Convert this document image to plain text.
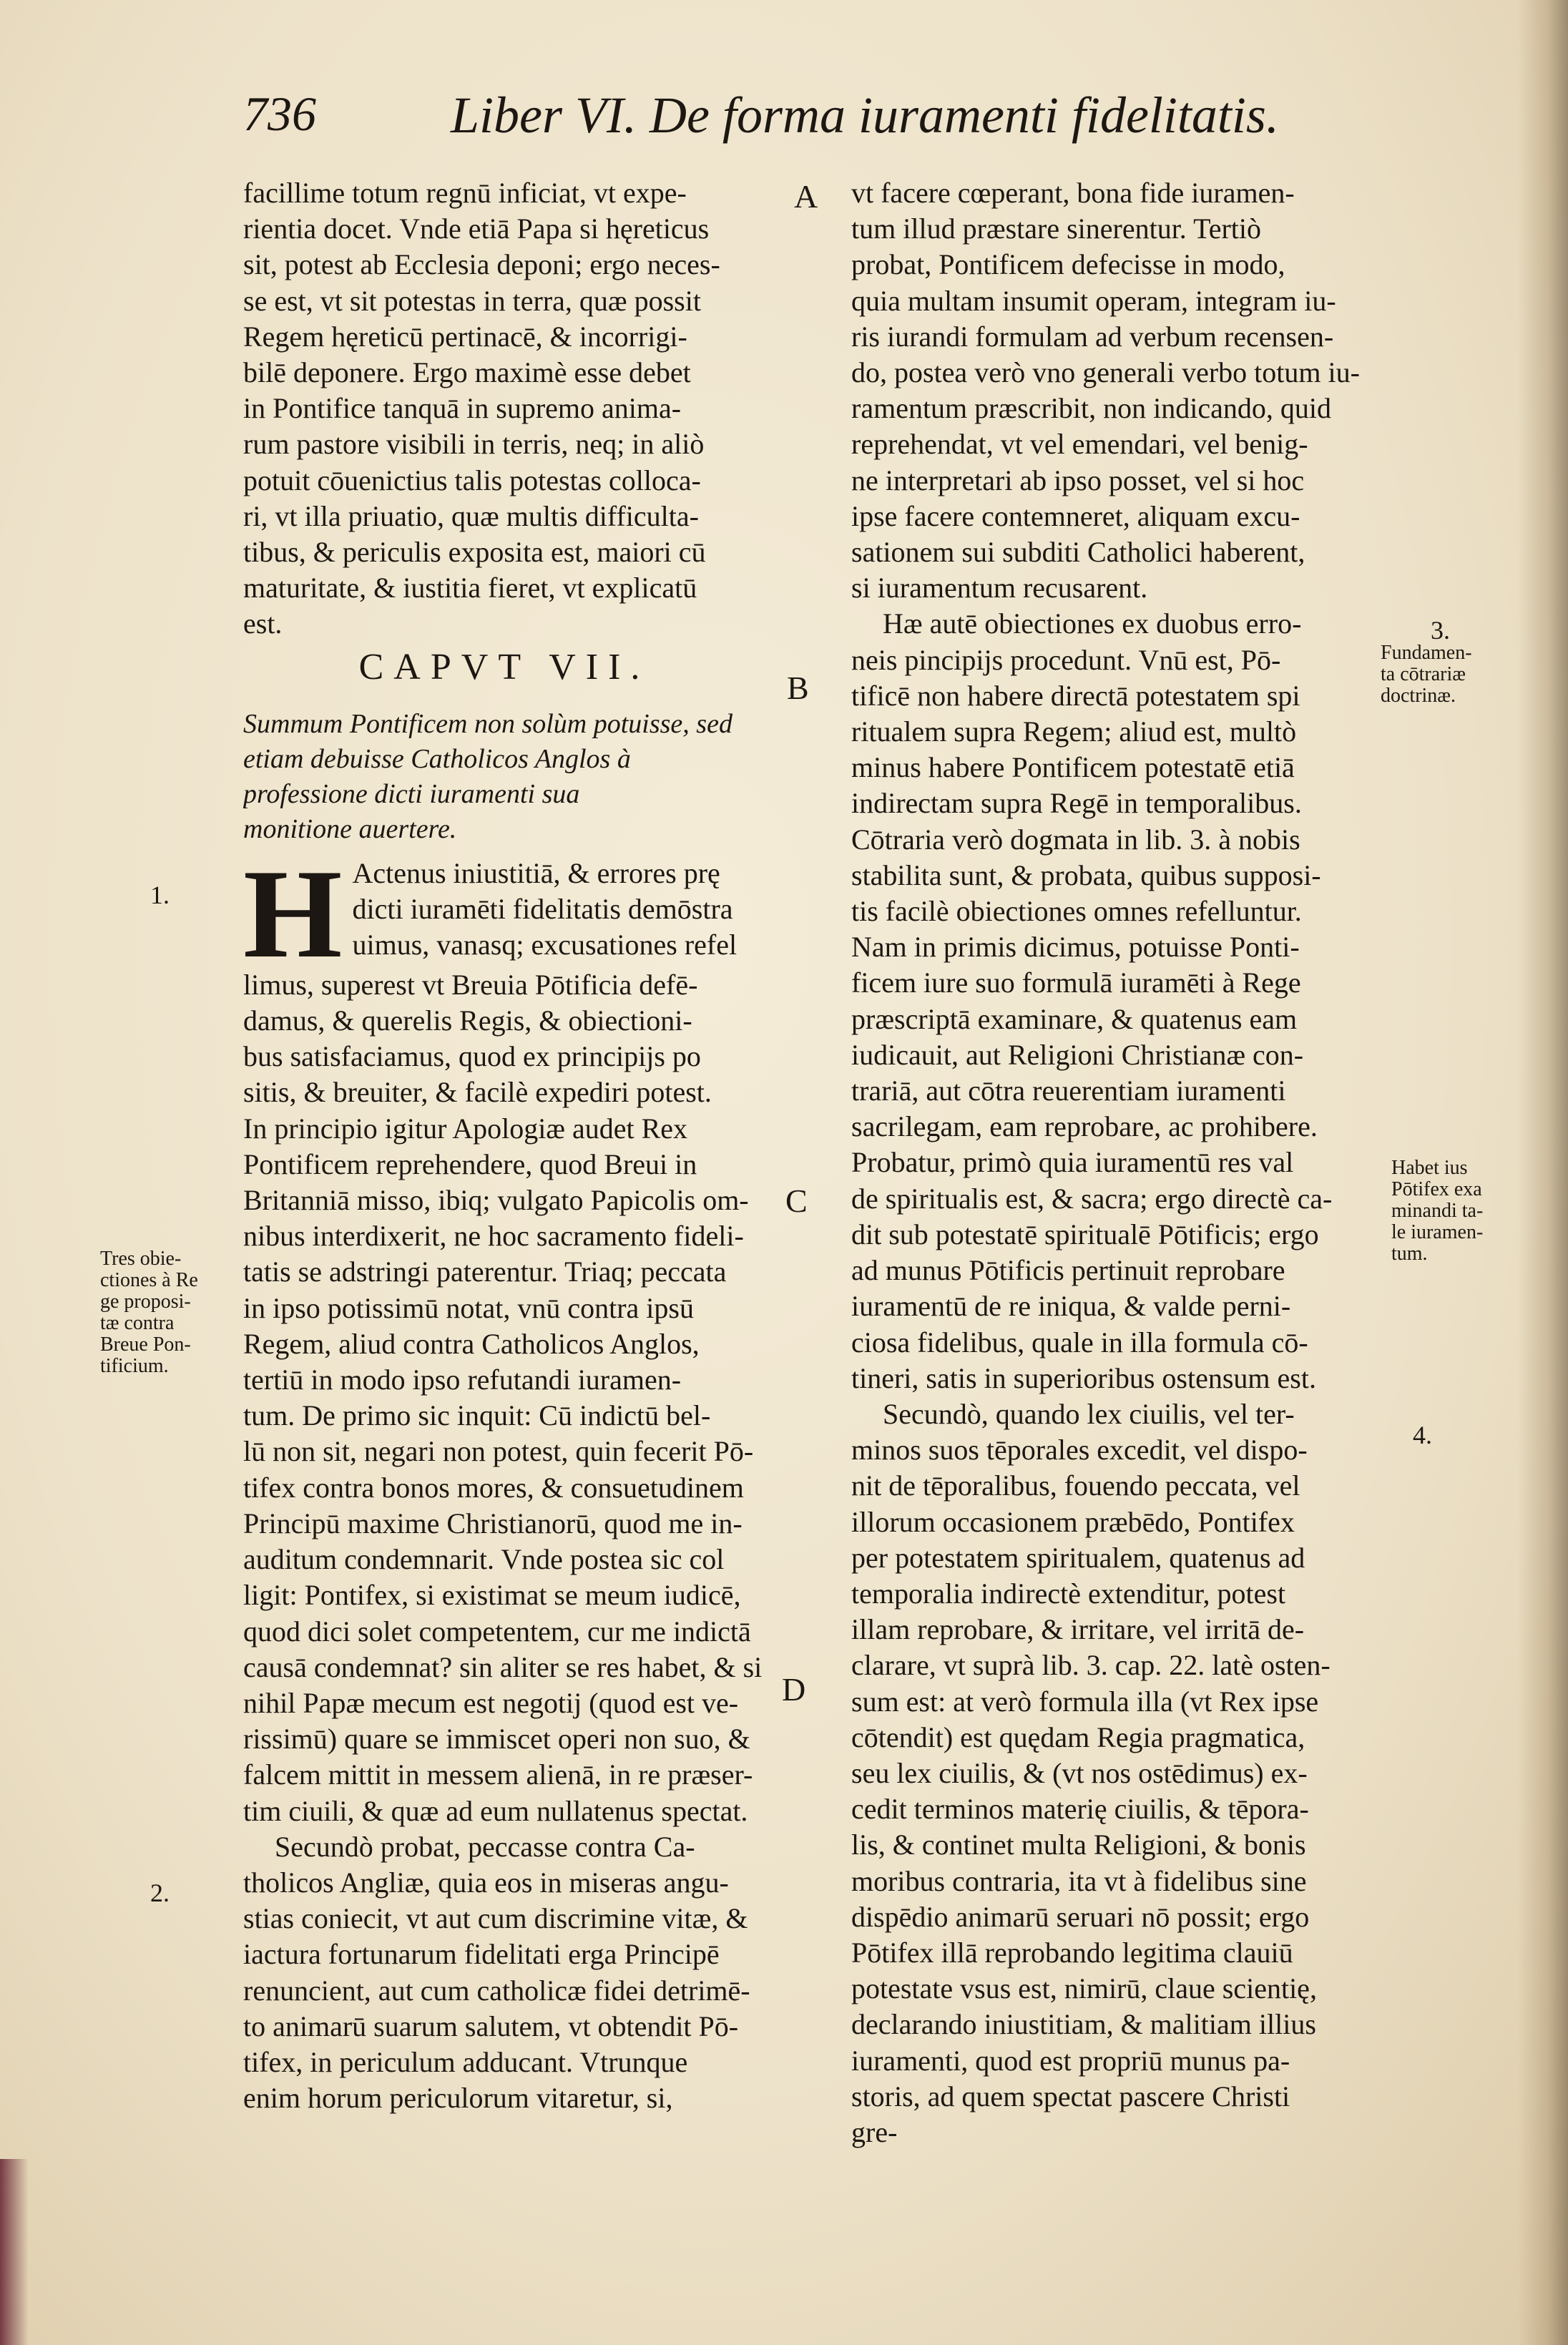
736	Liber VI. De forma iuramenti fidelitatis.
facillime totum regnū inficiat, vt expe-
rientia docet. Vnde etiā Papa si hęreticus
sit, potest ab Ecclesia deponi; ergo neces-
se est, vt sit potestas in terra, quæ possit
Regem hęreticū pertinacē, & incorrigi-
bilē deponere. Ergo maximè esse debet
in Pontifice tanquā in supremo anima-
rum pastore visibili in terris, neq; in aliò
potuit cōuenictius talis potestas colloca-
ri, vt illa priuatio, quæ multis difficulta-
tibus, & periculis exposita est, maiori cū
maturitate, & iustitia fieret, vt explicatū
est.
CAPVT VII.
Summum Pontificem non solùm potuisse, sed
etiam debuisse Catholicos Anglos à
professione dicti iuramenti sua
monitione auertere.
H Actenus iniustitiā, & errores prę
dicti iuramēti fidelitatis demōstra
uimus, vanasq; excusationes refel
limus, superest vt Breuia Pōtificia defē-
damus, & querelis Regis, & obiectioni-
bus satisfaciamus, quod ex principijs po
sitis, & breuiter, & facilè expediri potest.
In principio igitur Apologiæ audet Rex
Pontificem reprehendere, quod Breui in
Britanniā misso, ibiq; vulgato Papicolis om-
nibus interdixerit, ne hoc sacramento fideli-
tatis se adstringi paterentur. Triaq; peccata
in ipso potissimū notat, vnū contra ipsū
Regem, aliud contra Catholicos Anglos,
tertiū in modo ipso refutandi iuramen-
tum. De primo sic inquit: Cū indictū bel-
lū non sit, negari non potest, quin fecerit Pō-
tifex contra bonos mores, & consuetudinem
Principū maxime Christianorū, quod me in-
auditum condemnarit. Vnde postea sic col
ligit: Pontifex, si existimat se meum iudicē,
quod dici solet competentem, cur me indictā
causā condemnat? sin aliter se res habet, & si
nihil Papæ mecum est negotij (quod est ve-
rissimū) quare se immiscet operi non suo, &
falcem mittit in messem alienā, in re præser-
tim ciuili, & quæ ad eum nullatenus spectat.
Secundò probat, peccasse contra Ca-
tholicos Angliæ, quia eos in miseras angu-
stias coniecit, vt aut cum discrimine vitæ, &
iactura fortunarum fidelitati erga Principē
renuncient, aut cum catholicæ fidei detrimē-
to animarū suarum salutem, vt obtendit Pō-
tifex, in periculum adducant. Vtrunque
enim horum periculorum vitaretur, si,
vt facere cœperant, bona fide iuramen-
tum illud præstare sinerentur. Tertiò
probat, Pontificem defecisse in modo,
quia multam insumit operam, integram iu-
ris iurandi formulam ad verbum recensen-
do, postea verò vno generali verbo totum iu-
ramentum præscribit, non indicando, quid
reprehendat, vt vel emendari, vel benig-
ne interpretari ab ipso posset, vel si hoc
ipse facere contemneret, aliquam excu-
sationem sui subditi Catholici haberent,
si iuramentum recusarent.
Hæ autē obiectiones ex duobus erro-
neis pincipijs procedunt. Vnū est, Pō-
tificē non habere directā potestatem spi
ritualem supra Regem; aliud est, multò
minus habere Pontificem potestatē etiā
indirectam supra Regē in temporalibus.
Cōtraria verò dogmata in lib. 3. à nobis
stabilita sunt, & probata, quibus supposi-
tis facilè obiectiones omnes refelluntur.
Nam in primis dicimus, potuisse Ponti-
ficem iure suo formulā iuramēti à Rege
præscriptā examinare, & quatenus eam
iudicauit, aut Religioni Christianæ con-
trariā, aut cōtra reuerentiam iuramenti
sacrilegam, eam reprobare, ac prohibere.
Probatur, primò quia iuramentū res val
de spiritualis est, & sacra; ergo directè ca-
dit sub potestatē spiritualē Pōtificis; ergo
ad munus Pōtificis pertinuit reprobare
iuramentū de re iniqua, & valde perni-
ciosa fidelibus, quale in illa formula cō-
tineri, satis in superioribus ostensum est.
Secundò, quando lex ciuilis, vel ter-
minos suos tēporales excedit, vel dispo-
nit de tēporalibus, fouendo peccata, vel
illorum occasionem præbēdo, Pontifex
per potestatem spiritualem, quatenus ad
temporalia indirectè extenditur, potest
illam reprobare, & irritare, vel irritā de-
clarare, vt suprà lib. 3. cap. 22. latè osten-
sum est: at verò formula illa (vt Rex ipse
cōtendit) est quędam Regia pragmatica,
seu lex ciuilis, & (vt nos ostēdimus) ex-
cedit terminos materię ciuilis, & tēpora-
lis, & continet multa Religioni, & bonis
moribus contraria, ita vt à fidelibus sine
dispēdio animarū seruari nō possit; ergo
Pōtifex illā reprobando legitima clauiū
potestate vsus est, nimirū, claue scientię,
declarando iniustitiam, & malitiam illius
iuramenti, quod est propriū munus pa-
storis, ad quem spectat pascere Christi
gre-
A
B
C
D
1.
Tres obie-
ctiones à Re
ge proposi-
tæ contra
Breue Pon-
tificium.
2.
3.
Fundamen-
ta cōtrariæ
doctrinæ.
Habet ius
Pōtifex exa
minandi ta-
le iuramen-
tum.
4.
